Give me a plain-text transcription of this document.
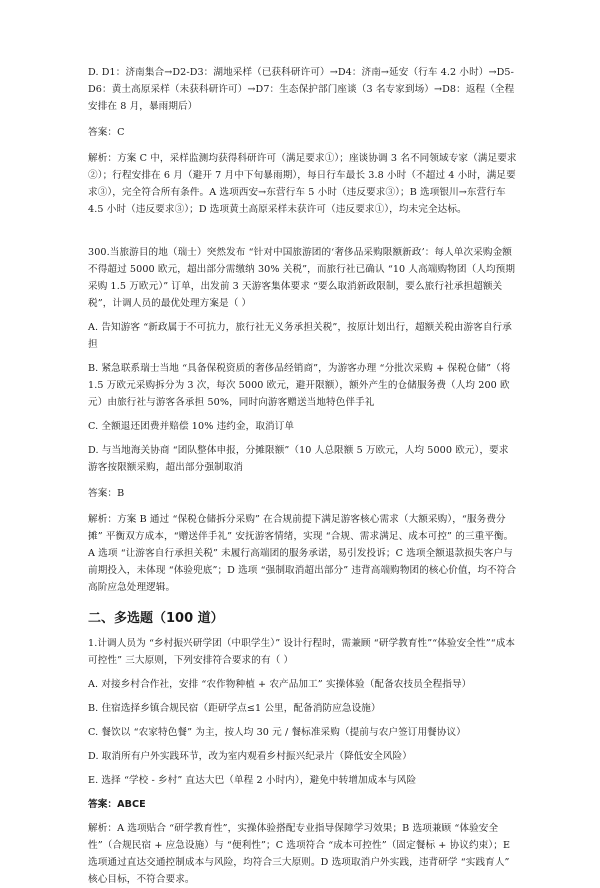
D. D1：济南集合→D2-D3：湖地采样（已获科研许可）→D4：济南→延安（行车 4.2 小时）→D5-D6：黄土高原采样（未获科研许可）→D7：生态保护部门座谈（3 名专家到场）→D8：返程（全程安排在 8 月，暴雨期后）

答案：C

解析：方案 C 中，采样监测均获得科研许可（满足要求①）；座谈协调 3 名不同领域专家（满足要求②）；行程安排在 6 月（避开 7 月中下旬暴雨期），每日行车最长 3.8 小时（不超过 4 小时，满足要求③），完全符合所有条件。A 选项西安→东营行车 5 小时（违反要求③）；B 选项银川→东营行车 4.5 小时（违反要求③）；D 选项黄土高原采样未获许可（违反要求①），均未完全达标。

300.当旅游目的地（瑞士）突然发布 “针对中国旅游团的‘奢侈品采购限额新政’：每人单次采购金额不得超过 5000 欧元，超出部分需缴纳 30% 关税”，而旅行社已确认 “10 人高端购物团（人均预期采购 1.5 万欧元）” 订单，出发前 3 天游客集体要求 “要么取消新政限制，要么旅行社承担超额关税”，计调人员的最优处理方案是（ ）

A. 告知游客 “新政属于不可抗力，旅行社无义务承担关税”，按原计划出行，超额关税由游客自行承担

B. 紧急联系瑞士当地 “具备保税资质的奢侈品经销商”，为游客办理 “分批次采购 + 保税仓储”（将 1.5 万欧元采购拆分为 3 次，每次 5000 欧元，避开限额），额外产生的仓储服务费（人均 200 欧元）由旅行社与游客各承担 50%，同时向游客赠送当地特色伴手礼

C. 全额退还团费并赔偿 10% 违约金，取消订单

D. 与当地海关协商 “团队整体申报，分摊限额”（10 人总限额 5 万欧元，人均 5000 欧元），要求游客按限额采购，超出部分强制取消

答案：B

解析：方案 B 通过 “保税仓储拆分采购” 在合规前提下满足游客核心需求（大额采购），“服务费分摊” 平衡双方成本，“赠送伴手礼” 安抚游客情绪，实现 “合规、需求满足、成本可控” 的三重平衡。A 选项 “让游客自行承担关税” 未履行高端团的服务承诺，易引发投诉；C 选项全额退款损失客户与前期投入，未体现 “体验兜底”；D 选项 “强制取消超出部分” 违背高端购物团的核心价值，均不符合高阶应急处理逻辑。

二、多选题（100 道）

1.计调人员为 “乡村振兴研学团（中职学生）” 设计行程时，需兼顾 “研学教育性”“体验安全性”“成本可控性” 三大原则，下列安排符合要求的有（ ）

A. 对接乡村合作社，安排 “农作物种植 + 农产品加工” 实操体验（配备农技员全程指导）

B. 住宿选择乡镇合规民宿（距研学点≤1 公里，配备消防应急设施）

C. 餐饮以 “农家特色餐” 为主，按人均 30 元 / 餐标准采购（提前与农户签订用餐协议）

D. 取消所有户外实践环节，改为室内观看乡村振兴纪录片（降低安全风险）

E. 选择 “学校 - 乡村” 直达大巴（单程 2 小时内），避免中转增加成本与风险

答案：ABCE

解析：A 选项贴合 “研学教育性”，实操体验搭配专业指导保障学习效果；B 选项兼顾 “体验安全性”（合规民宿 + 应急设施）与 “便利性”；C 选项符合 “成本可控性”（固定餐标 + 协议约束）；E 选项通过直达交通控制成本与风险，均符合三大原则。D 选项取消户外实践，违背研学 “实践育人” 核心目标，不符合要求。
